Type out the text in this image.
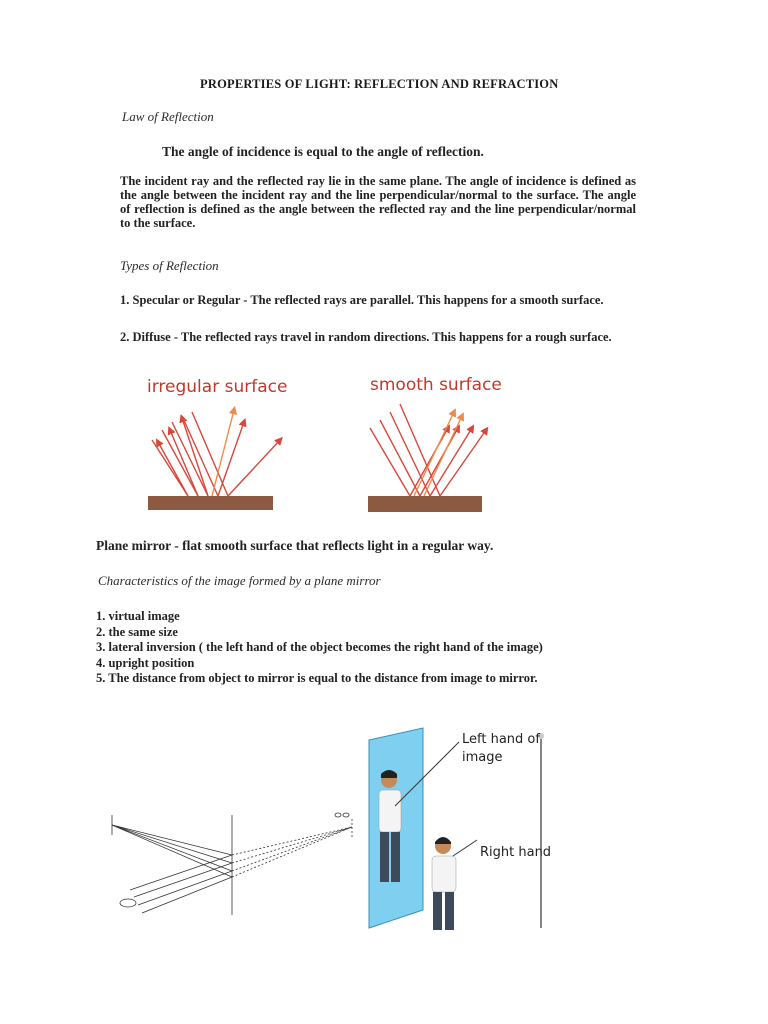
PROPERTIES OF LIGHT: REFLECTION AND REFRACTION
Law of Reflection
The angle of incidence is equal to the angle of reflection.
The incident ray and the reflected ray lie in the same plane. The angle of incidence is defined as the angle between the incident ray and the line perpendicular/normal to the surface. The angle of reflection is defined as the angle between the reflected ray and the line perpendicular/normal to the surface.
Types of Reflection
1. Specular or Regular - The reflected rays are parallel. This happens for a smooth surface.
2. Diffuse - The reflected rays travel in random directions. This happens for a rough surface.
irregular surface	smooth surface
Plane mirror - flat smooth surface that reflects light in a regular way.
Characteristics of the image formed by a plane mirror
1. virtual image
2. the same size
3. lateral inversion ( the left hand of the object becomes the right hand of the image)
4. upright position
5. The distance from object to mirror is equal to the distance from image to mirror.
Left hand of image
Right hand
